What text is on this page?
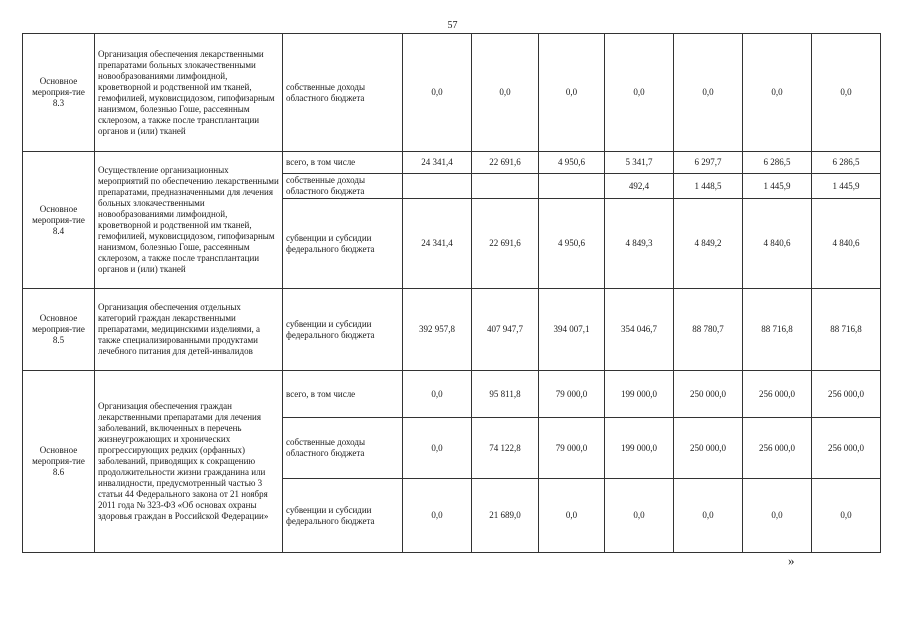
57
Основное мероприя-тие 8.3	Организация обеспечения лекарственными препаратами больных злокачественными новообразованиями лимфоидной, кроветворной и родственной им тканей, гемофилией, муковисцидозом, гипофизарным нанизмом, болезнью Гоше, рассеянным склерозом, а также после трансплантации органов и (или) тканей	собственные доходы областного бюджета	0,0	0,0	0,0	0,0	0,0	0,0	0,0
Основное мероприя-тие 8.4	Осуществление организационных мероприятий по обеспечению лекарственными препаратами, предназначенными для лечения больных злокачественными новообразованиями лимфоидной, кроветворной и родственной им тканей, гемофилией, муковисцидозом, гипофизарным нанизмом, болезнью Гоше, рассеянным склерозом, а также после трансплантации органов и (или) тканей	всего, в том числе	24 341,4	22 691,6	4 950,6	5 341,7	6 297,7	6 286,5	6 286,5
		собственные доходы областного бюджета				492,4	1 448,5	1 445,9	1 445,9
		субвенции и субсидии федерального бюджета	24 341,4	22 691,6	4 950,6	4 849,3	4 849,2	4 840,6	4 840,6
Основное мероприя-тие 8.5	Организация обеспечения отдельных категорий граждан лекарственными препаратами, медицинскими изделиями, а также специализированными продуктами лечебного питания для детей-инвалидов	субвенции и субсидии федерального бюджета	392 957,8	407 947,7	394 007,1	354 046,7	88 780,7	88 716,8	88 716,8
Основное мероприя-тие 8.6	Организация обеспечения граждан лекарственными препаратами для лечения заболеваний, включенных в перечень жизнеугрожающих и хронических прогрессирующих редких (орфанных) заболеваний, приводящих к сокращению продолжительности жизни гражданина или инвалидности, предусмотренный частью 3 статьи 44 Федерального закона от 21 ноября 2011 года № 323-ФЗ «Об основах охраны здоровья граждан в Российской Федерации»	всего, в том числе	0,0	95 811,8	79 000,0	199 000,0	250 000,0	256 000,0	256 000,0
		собственные доходы областного бюджета	0,0	74 122,8	79 000,0	199 000,0	250 000,0	256 000,0	256 000,0
		субвенции и субсидии федерального бюджета	0,0	21 689,0	0,0	0,0	0,0	0,0	0,0
»
